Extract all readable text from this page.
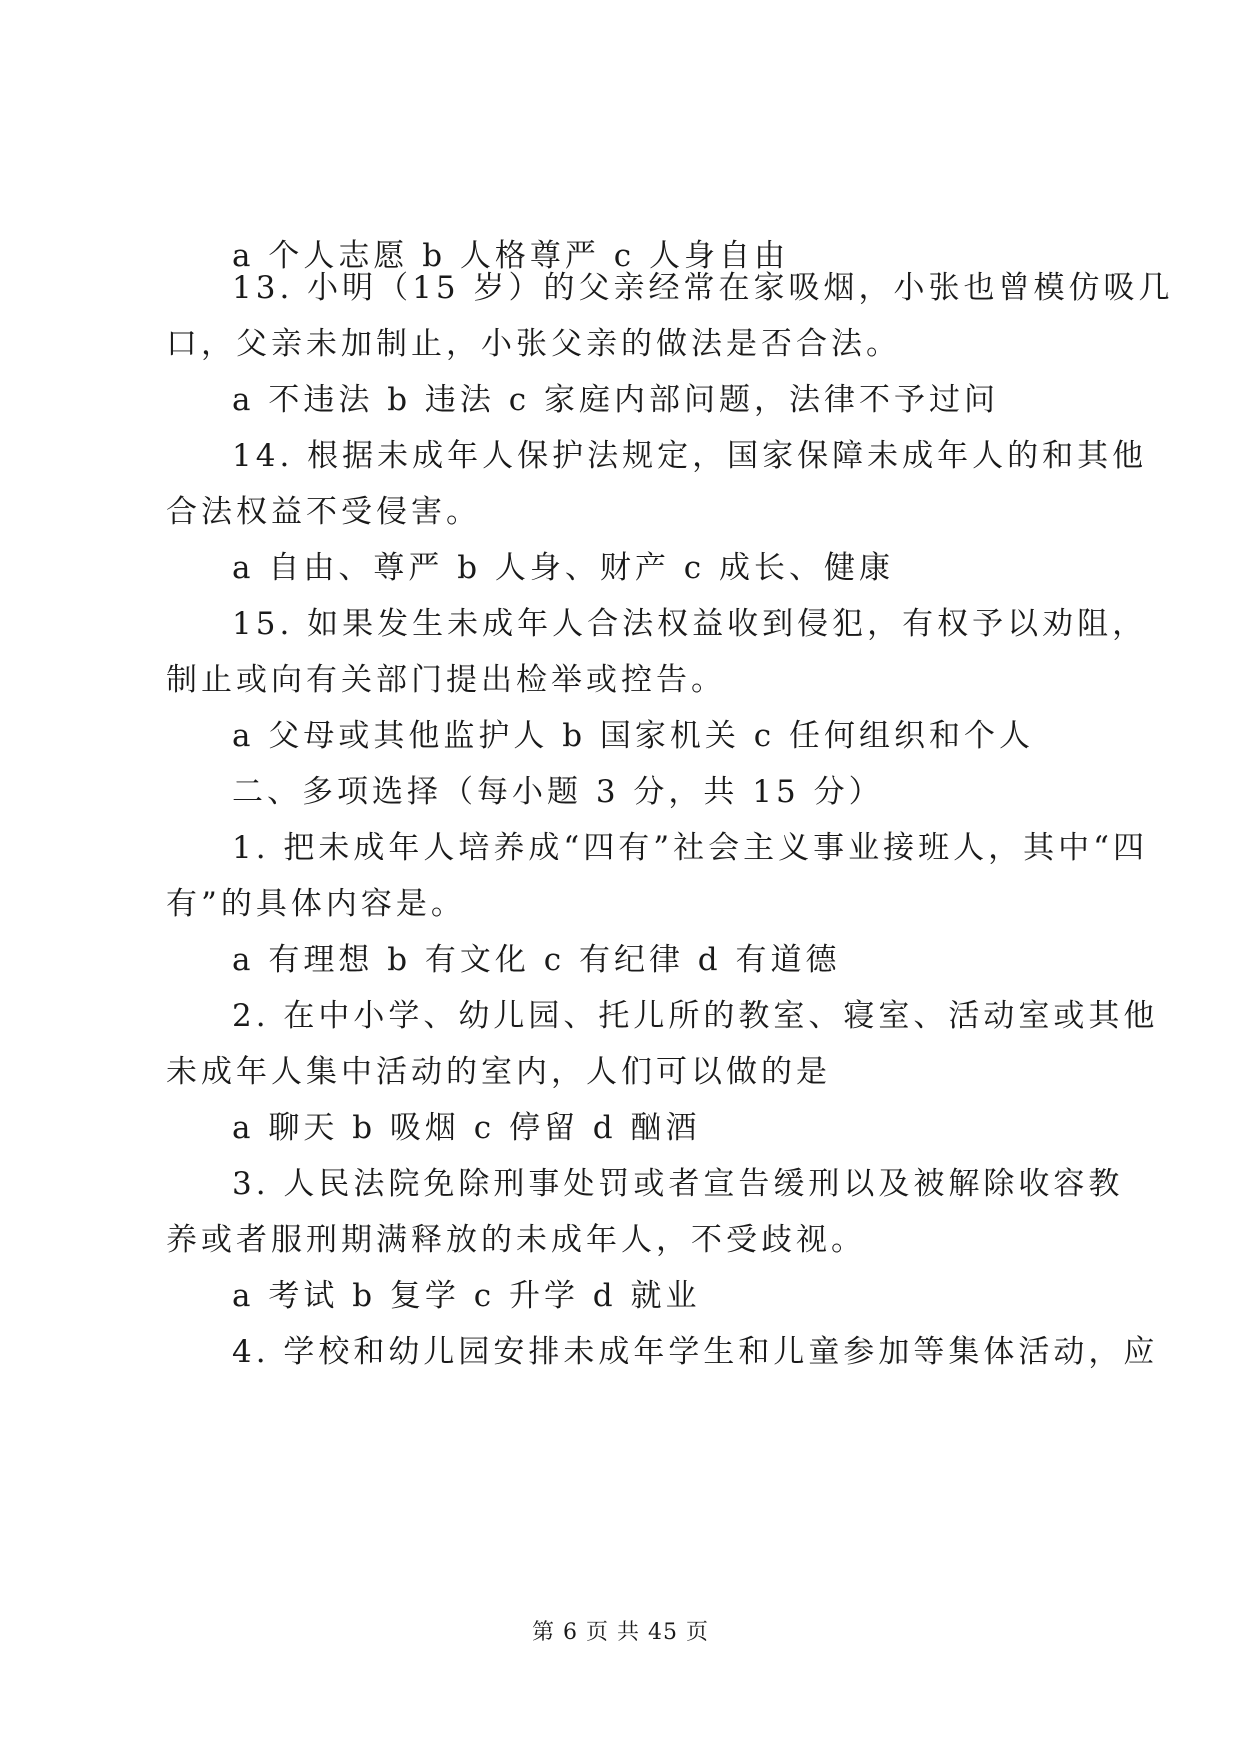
a 个人志愿 b 人格尊严 c 人身自由
13. 小明（15 岁）的父亲经常在家吸烟，小张也曾模仿吸几
口，父亲未加制止，小张父亲的做法是否合法。
a 不违法 b 违法 c 家庭内部问题，法律不予过问
14. 根据未成年人保护法规定，国家保障未成年人的和其他
合法权益不受侵害。
a 自由、尊严 b 人身、财产 c 成长、健康
15. 如果发生未成年人合法权益收到侵犯，有权予以劝阻，
制止或向有关部门提出检举或控告。
a 父母或其他监护人 b 国家机关 c 任何组织和个人
二、多项选择（每小题 3 分，共 15 分）
1. 把未成年人培养成“四有”社会主义事业接班人，其中“四
有”的具体内容是。
a 有理想 b 有文化 c 有纪律 d 有道德
2. 在中小学、幼儿园、托儿所的教室、寝室、活动室或其他
未成年人集中活动的室内，人们可以做的是
a 聊天 b 吸烟 c 停留 d 酗酒
3. 人民法院免除刑事处罚或者宣告缓刑以及被解除收容教
养或者服刑期满释放的未成年人，不受歧视。
a 考试 b 复学 c 升学 d 就业
4. 学校和幼儿园安排未成年学生和儿童参加等集体活动，应
第 6 页 共 45 页
